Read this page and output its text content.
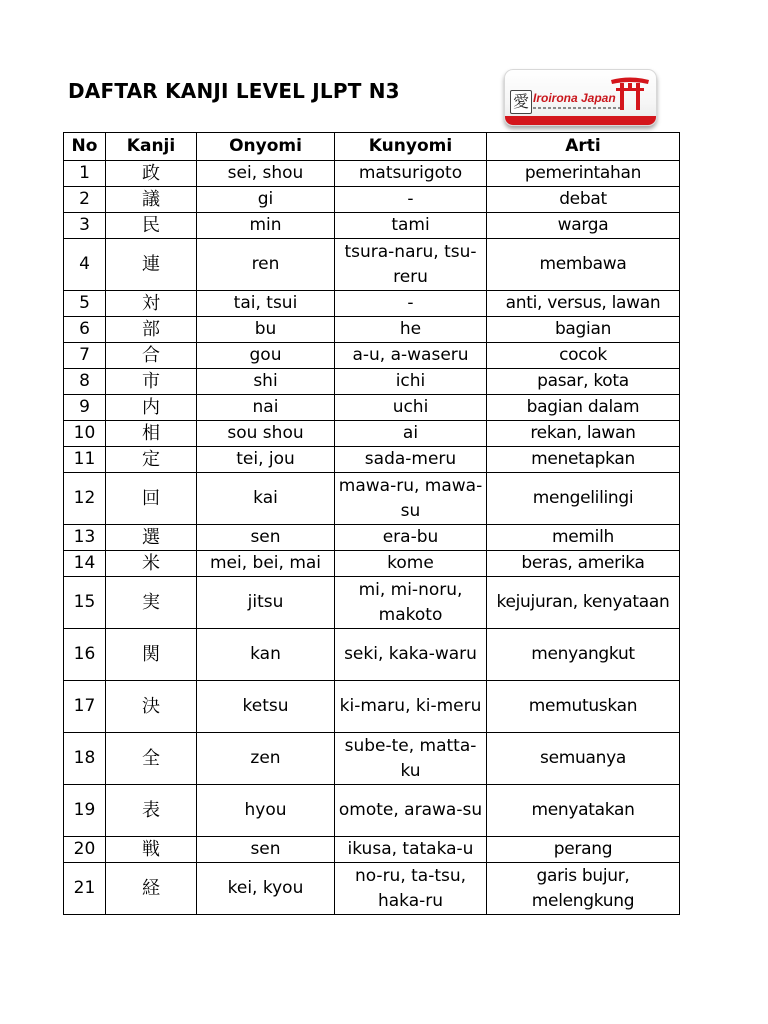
DAFTAR KANJI LEVEL JLPT N3	愛 Iroirona Japan
No	Kanji	Onyomi	Kunyomi	Arti
1	政	sei, shou	matsurigoto	pemerintahan
2	議	gi	-	debat
3	民	min	tami	warga
4	連	ren	tsura-naru, tsu-reru	membawa
5	対	tai, tsui	-	anti, versus, lawan
6	部	bu	he	bagian
7	合	gou	a-u, a-waseru	cocok
8	市	shi	ichi	pasar, kota
9	内	nai	uchi	bagian dalam
10	相	sou shou	ai	rekan, lawan
11	定	tei, jou	sada-meru	menetapkan
12	回	kai	mawa-ru, mawa-su	mengelilingi
13	選	sen	era-bu	memilh
14	米	mei, bei, mai	kome	beras, amerika
15	実	jitsu	mi, mi-noru, makoto	kejujuran, kenyataan
16	関	kan	seki, kaka-waru	menyangkut
17	決	ketsu	ki-maru, ki-meru	memutuskan
18	全	zen	sube-te, matta-ku	semuanya
19	表	hyou	omote, arawa-su	menyatakan
20	戦	sen	ikusa, tataka-u	perang
21	経	kei, kyou	no-ru, ta-tsu, haka-ru	garis bujur, melengkung
